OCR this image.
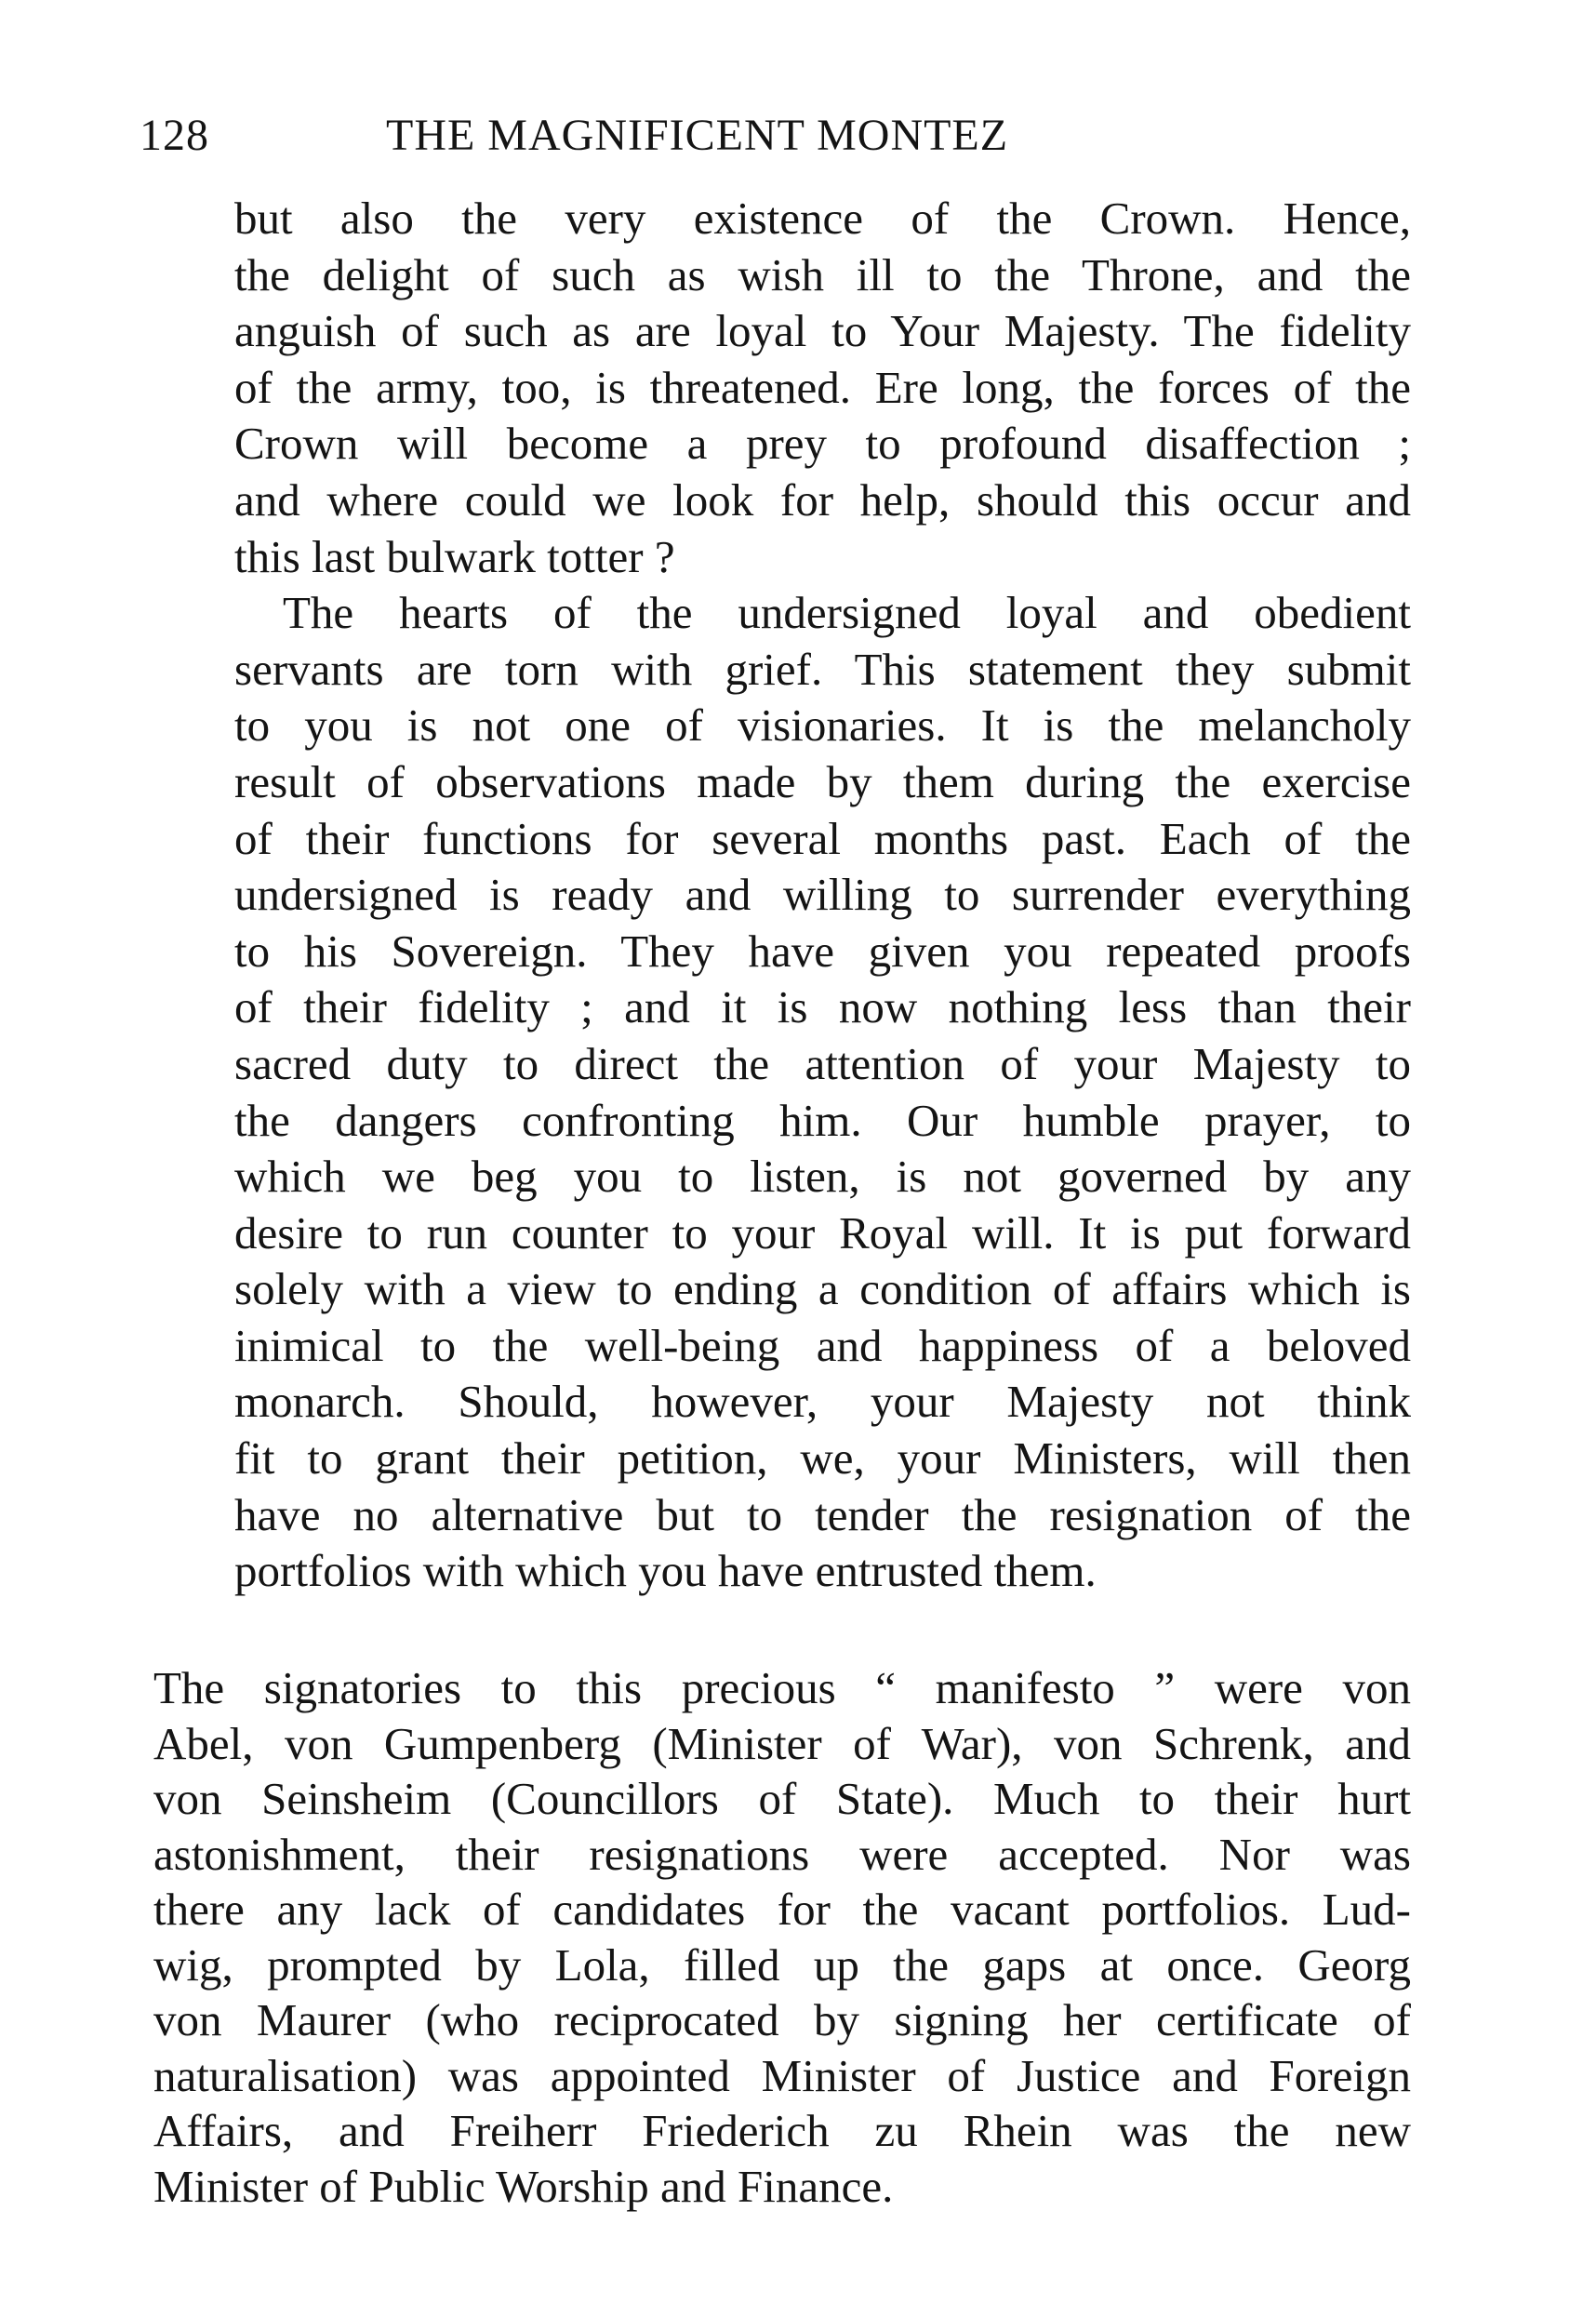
128	THE MAGNIFICENT MONTEZ
but also the very existence of the Crown. Hence,
the delight of such as wish ill to the Throne, and the
anguish of such as are loyal to Your Majesty. The fidelity
of the army, too, is threatened. Ere long, the forces of the
Crown will become a prey to profound disaffection ;
and where could we look for help, should this occur and
this last bulwark totter ?
The hearts of the undersigned loyal and obedient
servants are torn with grief. This statement they submit
to you is not one of visionaries. It is the melancholy
result of observations made by them during the exercise
of their functions for several months past. Each of the
undersigned is ready and willing to surrender everything
to his Sovereign. They have given you repeated proofs
of their fidelity ; and it is now nothing less than their
sacred duty to direct the attention of your Majesty to
the dangers confronting him. Our humble prayer, to
which we beg you to listen, is not governed by any
desire to run counter to your Royal will. It is put forward
solely with a view to ending a condition of affairs which is
inimical to the well-being and happiness of a beloved
monarch. Should, however, your Majesty not think
fit to grant their petition, we, your Ministers, will then
have no alternative but to tender the resignation of the
portfolios with which you have entrusted them.
The signatories to this precious “ manifesto ” were von
Abel, von Gumpenberg (Minister of War), von Schrenk, and
von Seinsheim (Councillors of State). Much to their hurt
astonishment, their resignations were accepted. Nor was
there any lack of candidates for the vacant portfolios. Lud-
wig, prompted by Lola, filled up the gaps at once. Georg
von Maurer (who reciprocated by signing her certificate of
naturalisation) was appointed Minister of Justice and Foreign
Affairs, and Freiherr Friederich zu Rhein was the new
Minister of Public Worship and Finance.
